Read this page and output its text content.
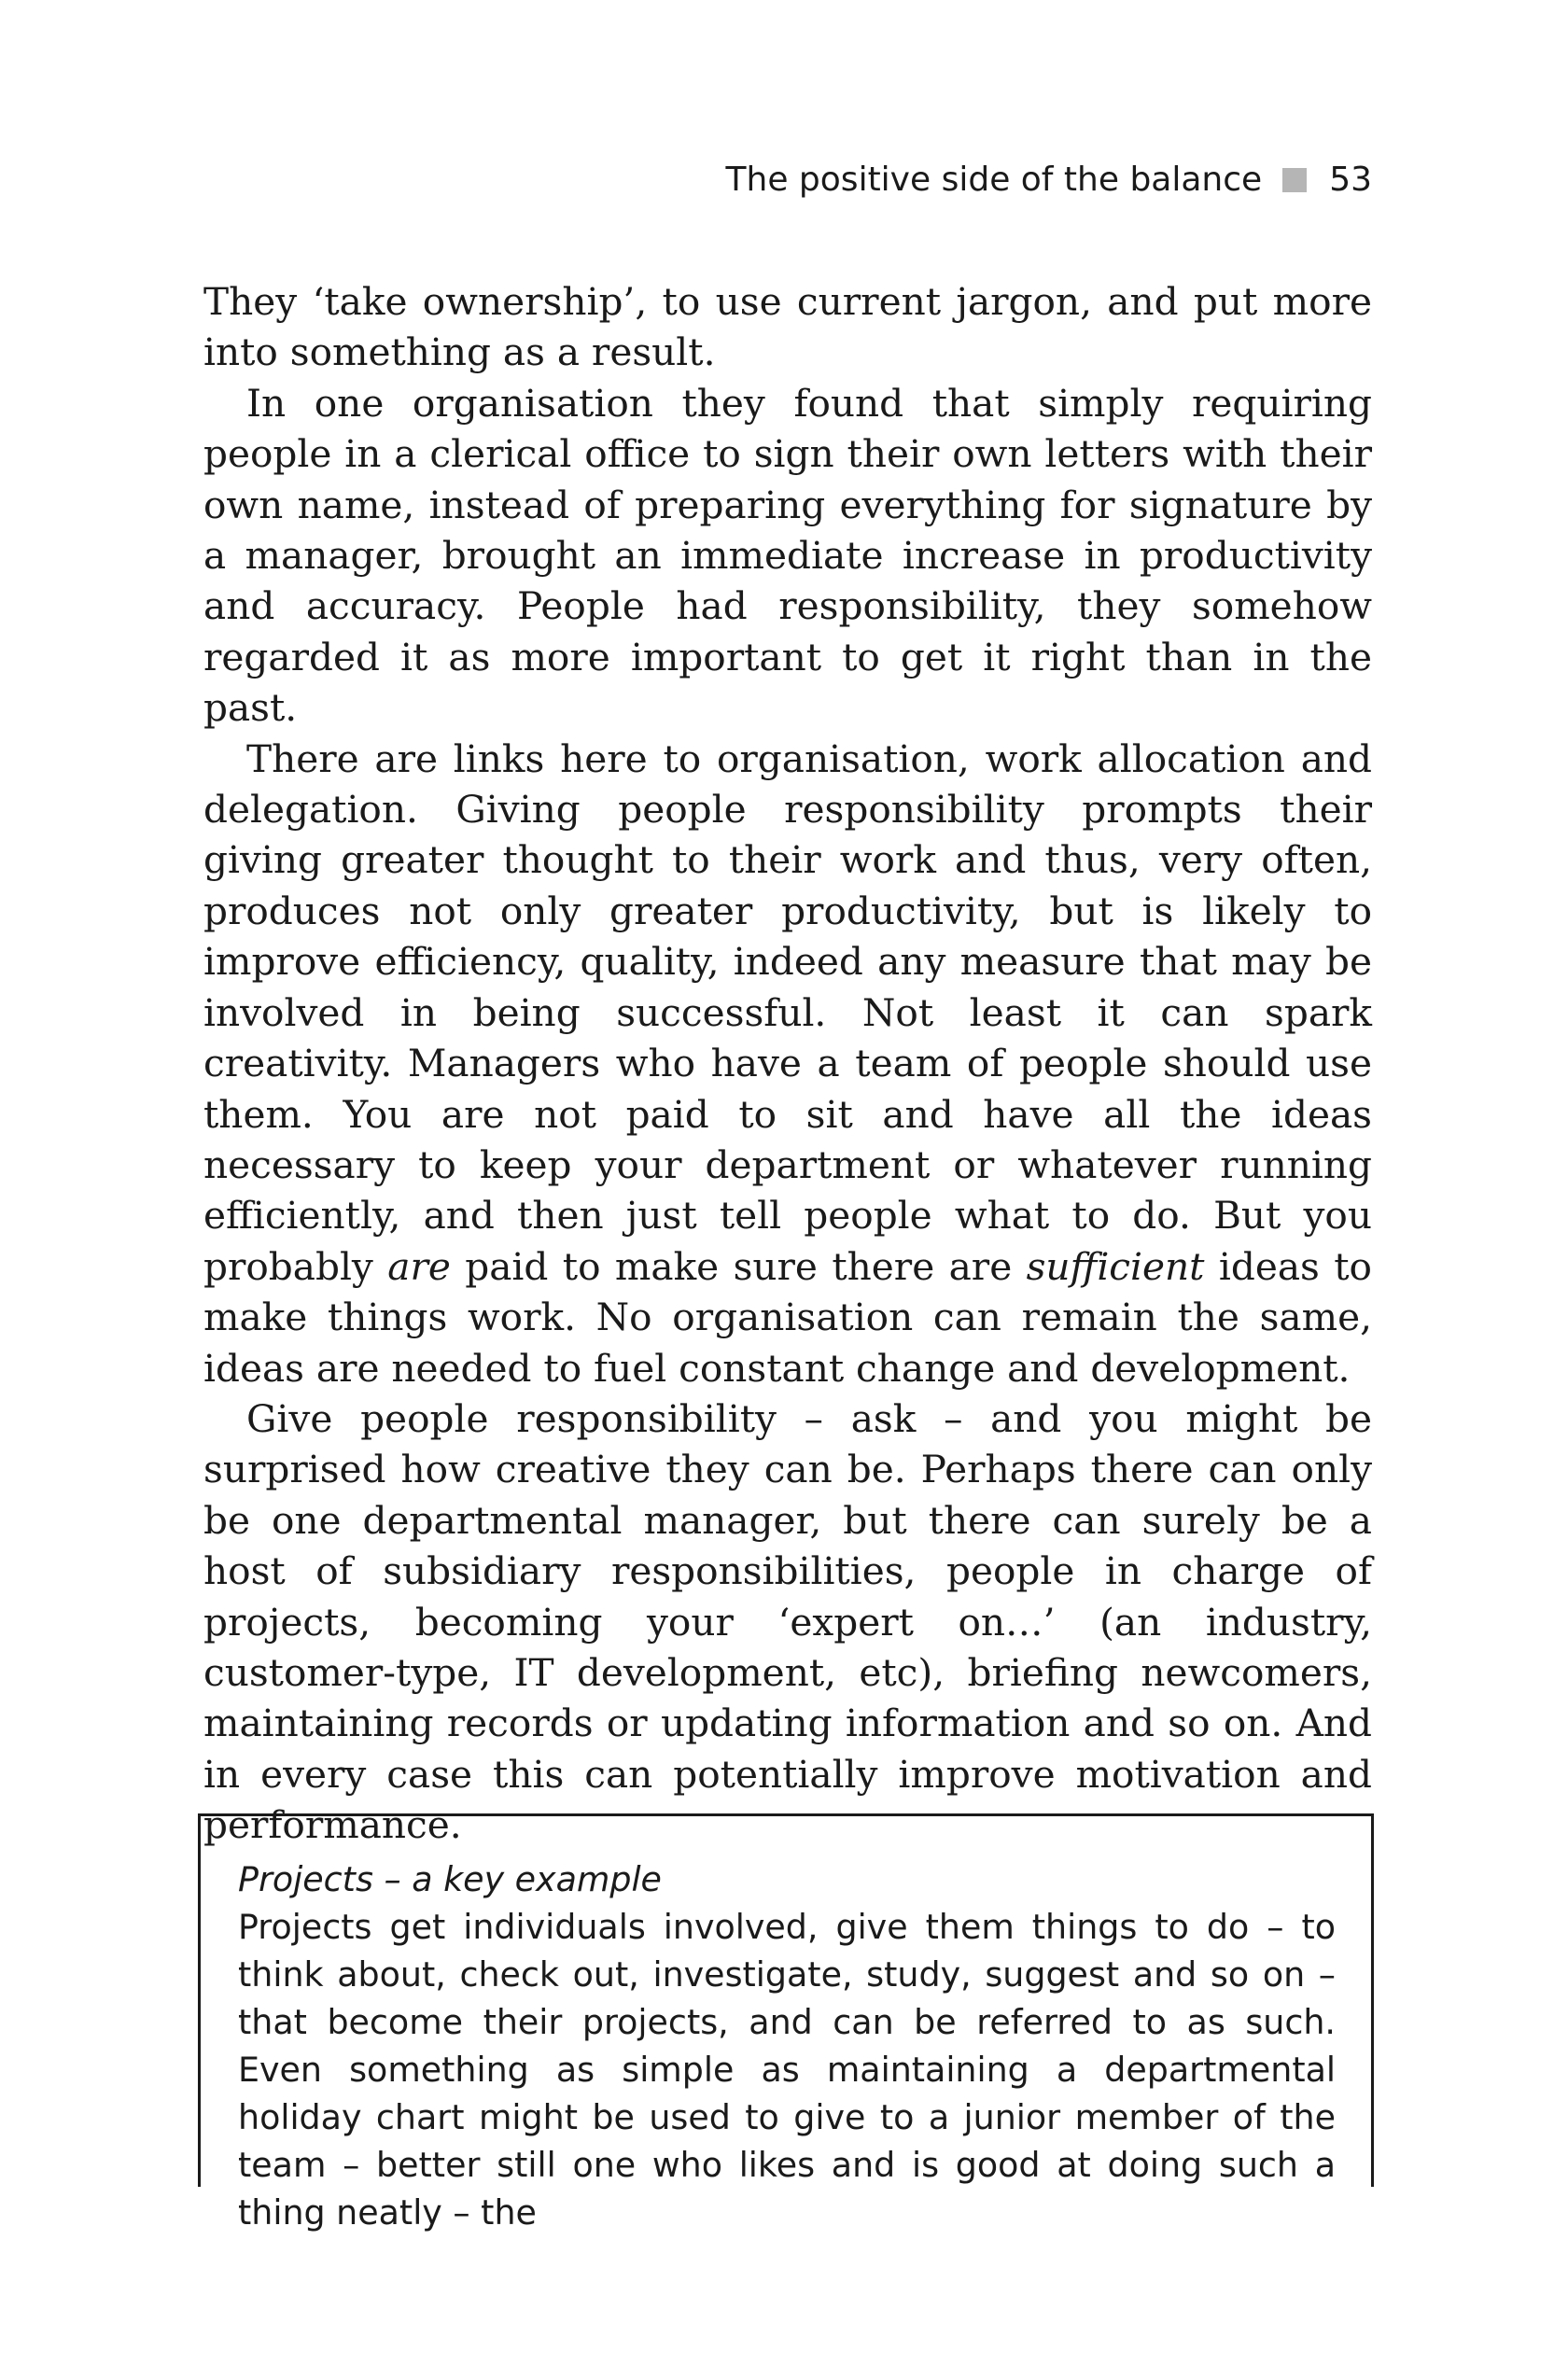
The positive side of the balance 53

They ‘take ownership’, to use current jargon, and put more into something as a result.

In one organisation they found that simply requiring people in a clerical office to sign their own letters with their own name, instead of preparing everything for signature by a manager, brought an immediate increase in productivity and accuracy. People had responsibility, they somehow regarded it as more important to get it right than in the past.

There are links here to organisation, work allocation and delegation. Giving people responsibility prompts their giving greater thought to their work and thus, very often, produces not only greater productivity, but is likely to improve efficiency, quality, indeed any measure that may be involved in being successful. Not least it can spark creativity. Managers who have a team of people should use them. You are not paid to sit and have all the ideas necessary to keep your department or whatever running efficiently, and then just tell people what to do. But you probably are paid to make sure there are sufficient ideas to make things work. No organisation can remain the same, ideas are needed to fuel constant change and development.

Give people responsibility – ask – and you might be surprised how creative they can be. Perhaps there can only be one departmental manager, but there can surely be a host of subsidiary responsibilities, people in charge of projects, becoming your ‘expert on…’ (an industry, customer-type, IT development, etc), briefing newcomers, maintaining records or updating information and so on. And in every case this can potentially improve motivation and performance.

Projects – a key example
Projects get individuals involved, give them things to do – to think about, check out, investigate, study, suggest and so on – that become their projects, and can be referred to as such. Even something as simple as maintaining a departmental holiday chart might be used to give to a junior member of the team – better still one who likes and is good at doing such a thing neatly – the
